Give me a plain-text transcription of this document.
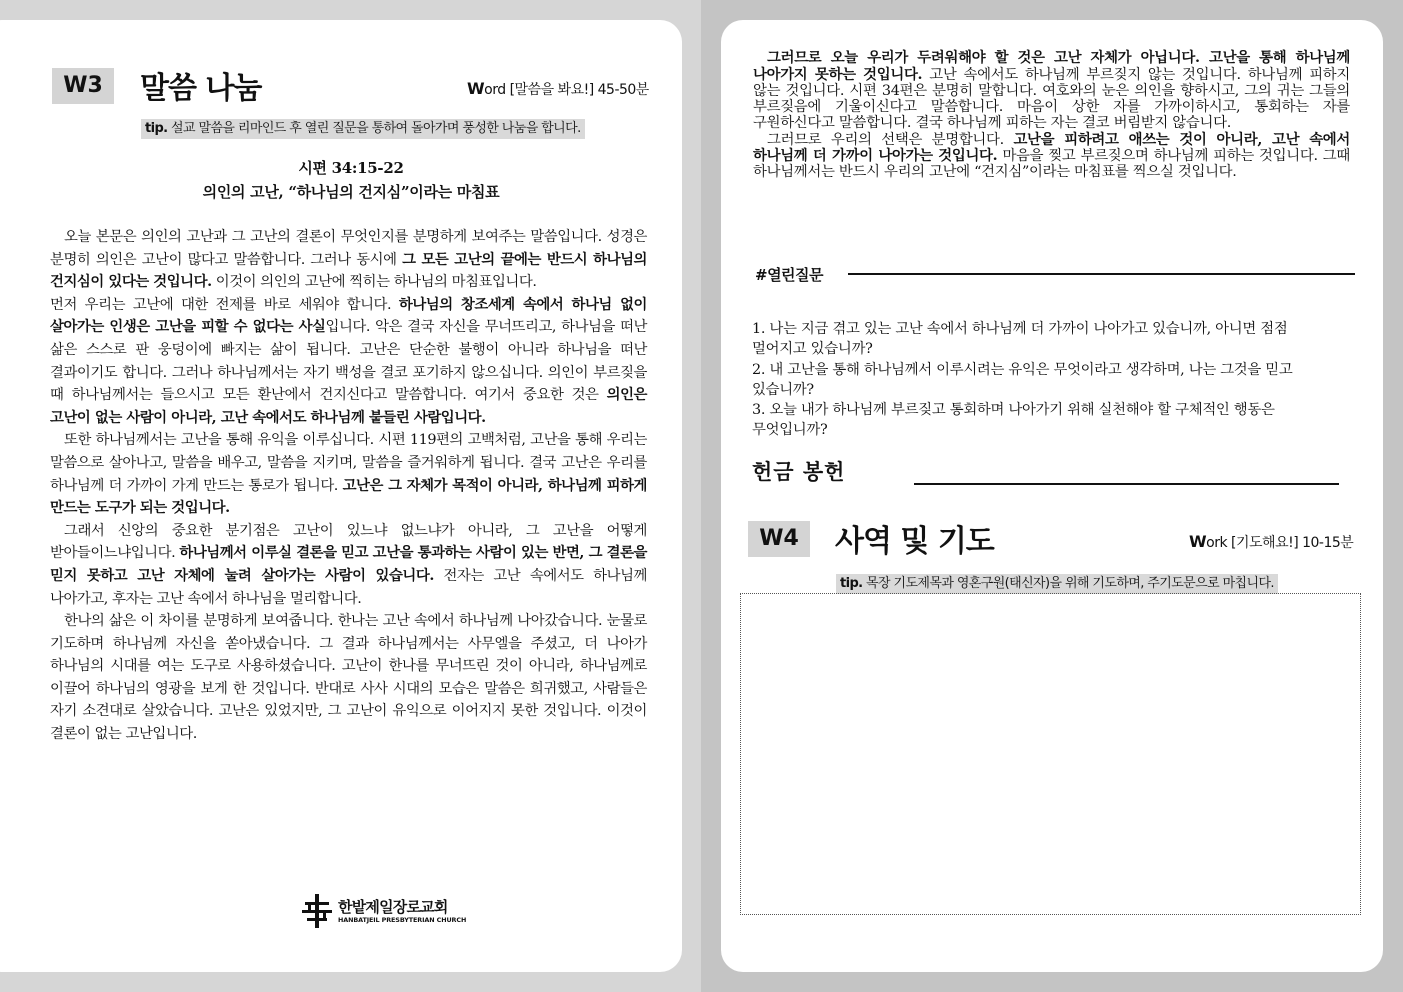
W3	말씀 나눔	Word [말씀을 봐요!] 45-50분
tip. 설교 말씀을 리마인드 후 열린 질문을 통하여 돌아가며 풍성한 나눔을 합니다.
시편 34:15-22
의인의 고난, “하나님의 건지심”이라는 마침표

오늘 본문은 의인의 고난과 그 고난의 결론이 무엇인지를 분명하게 보여주는 말씀입니다. 성경은 분명히 의인은 고난이 많다고 말씀합니다. 그러나 동시에 그 모든 고난의 끝에는 반드시 하나님의 건지심이 있다는 것입니다. 이것이 의인의 고난에 찍히는 하나님의 마침표입니다.

먼저 우리는 고난에 대한 전제를 바로 세워야 합니다. 하나님의 창조세계 속에서 하나님 없이 살아가는 인생은 고난을 피할 수 없다는 사실입니다. 악은 결국 자신을 무너뜨리고, 하나님을 떠난 삶은 스스로 판 웅덩이에 빠지는 삶이 됩니다. 고난은 단순한 불행이 아니라 하나님을 떠난 결과이기도 합니다. 그러나 하나님께서는 자기 백성을 결코 포기하지 않으십니다. 의인이 부르짖을 때 하나님께서는 들으시고 모든 환난에서 건지신다고 말씀합니다. 여기서 중요한 것은 의인은 고난이 없는 사람이 아니라, 고난 속에서도 하나님께 붙들린 사람입니다.

또한 하나님께서는 고난을 통해 유익을 이루십니다. 시편 119편의 고백처럼, 고난을 통해 우리는 말씀으로 살아나고, 말씀을 배우고, 말씀을 지키며, 말씀을 즐거워하게 됩니다. 결국 고난은 우리를 하나님께 더 가까이 가게 만드는 통로가 됩니다. 고난은 그 자체가 목적이 아니라, 하나님께 피하게 만드는 도구가 되는 것입니다.

그래서 신앙의 중요한 분기점은 고난이 있느냐 없느냐가 아니라, 그 고난을 어떻게 받아들이느냐입니다. 하나님께서 이루실 결론을 믿고 고난을 통과하는 사람이 있는 반면, 그 결론을 믿지 못하고 고난 자체에 눌려 살아가는 사람이 있습니다. 전자는 고난 속에서도 하나님께 나아가고, 후자는 고난 속에서 하나님을 멀리합니다.

한나의 삶은 이 차이를 분명하게 보여줍니다. 한나는 고난 속에서 하나님께 나아갔습니다. 눈물로 기도하며 하나님께 자신을 쏟아냈습니다. 그 결과 하나님께서는 사무엘을 주셨고, 더 나아가 하나님의 시대를 여는 도구로 사용하셨습니다. 고난이 한나를 무너뜨린 것이 아니라, 하나님께로 이끌어 하나님의 영광을 보게 한 것입니다. 반대로 사사 시대의 모습은 말씀은 희귀했고, 사람들은 자기 소견대로 살았습니다. 고난은 있었지만, 그 고난이 유익으로 이어지지 못한 것입니다. 이것이 결론이 없는 고난입니다.

한밭제일장로교회
HANBATJEIL PRESBYTERIAN CHURCH

그러므로 오늘 우리가 두려워해야 할 것은 고난 자체가 아닙니다. 고난을 통해 하나님께 나아가지 못하는 것입니다. 고난 속에서도 하나님께 부르짖지 않는 것입니다. 하나님께 피하지 않는 것입니다. 시편 34편은 분명히 말합니다. 여호와의 눈은 의인을 향하시고, 그의 귀는 그들의 부르짖음에 기울이신다고 말씀합니다. 마음이 상한 자를 가까이하시고, 통회하는 자를 구원하신다고 말씀합니다. 결국 하나님께 피하는 자는 결코 버림받지 않습니다.

그러므로 우리의 선택은 분명합니다. 고난을 피하려고 애쓰는 것이 아니라, 고난 속에서 하나님께 더 가까이 나아가는 것입니다. 마음을 찢고 부르짖으며 하나님께 피하는 것입니다. 그때 하나님께서는 반드시 우리의 고난에 “건지심”이라는 마침표를 찍으실 것입니다.

#열린질문
1. 나는 지금 겪고 있는 고난 속에서 하나님께 더 가까이 나아가고 있습니까, 아니면 점점 멀어지고 있습니까?
2. 내 고난을 통해 하나님께서 이루시려는 유익은 무엇이라고 생각하며, 나는 그것을 믿고 있습니까?
3. 오늘 내가 하나님께 부르짖고 통회하며 나아가기 위해 실천해야 할 구체적인 행동은 무엇입니까?
헌금 봉헌
W4	사역 및 기도	Work [기도해요!] 10-15분
tip. 목장 기도제목과 영혼구원(태신자)을 위해 기도하며, 주기도문으로 마칩니다.
